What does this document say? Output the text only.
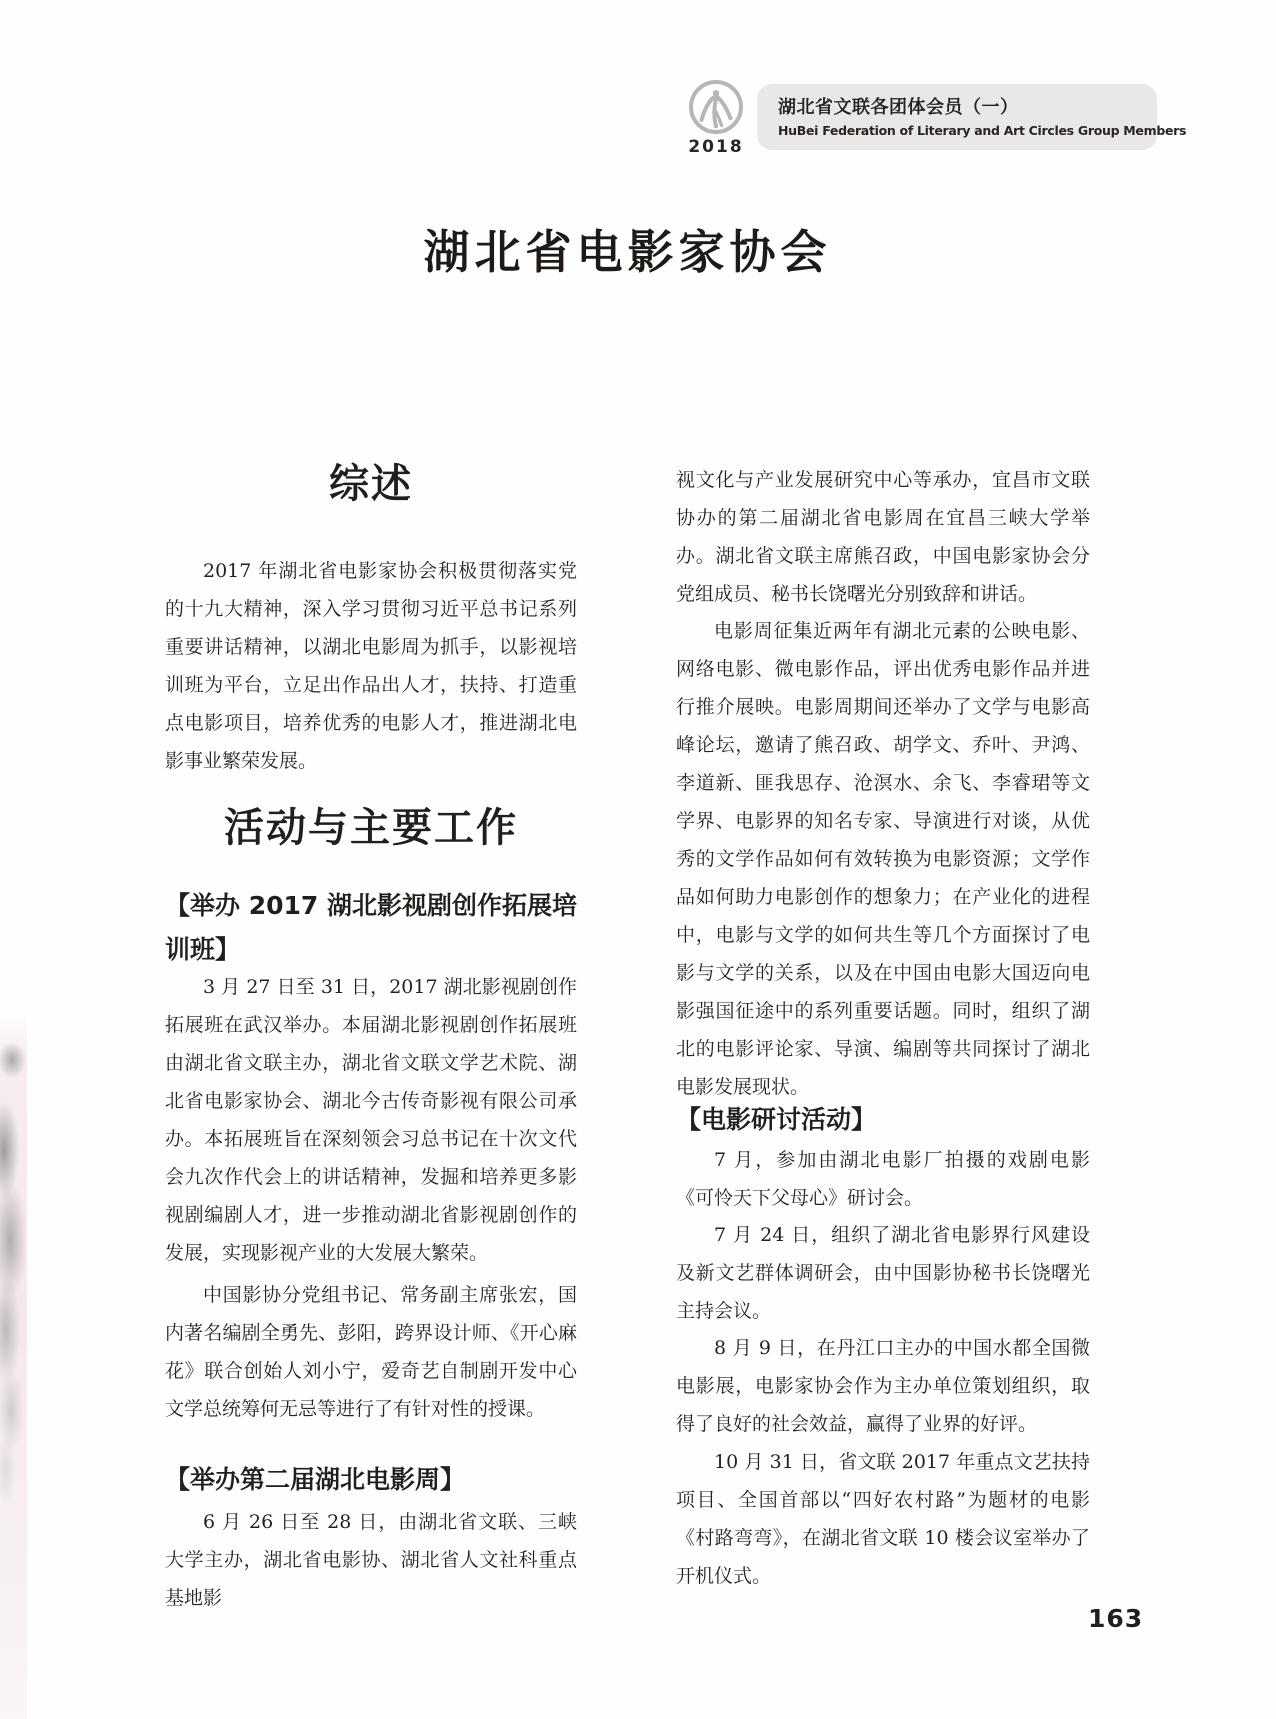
2018
湖北省文联各团体会员（一）
HuBei Federation of Literary and Art Circles Group Members
湖北省电影家协会
综述

2017 年湖北省电影家协会积极贯彻落实党的十九大精神，深入学习贯彻习近平总书记系列重要讲话精神，以湖北电影周为抓手，以影视培训班为平台，立足出作品出人才，扶持、打造重点电影项目，培养优秀的电影人才，推进湖北电影事业繁荣发展。

活动与主要工作
【举办 2017 湖北影视剧创作拓展培训班】

3 月 27 日至 31 日，2017 湖北影视剧创作拓展班在武汉举办。本届湖北影视剧创作拓展班由湖北省文联主办，湖北省文联文学艺术院、湖北省电影家协会、湖北今古传奇影视有限公司承办。本拓展班旨在深刻领会习总书记在十次文代会九次作代会上的讲话精神，发掘和培养更多影视剧编剧人才，进一步推动湖北省影视剧创作的发展，实现影视产业的大发展大繁荣。

中国影协分党组书记、常务副主席张宏，国内著名编剧全勇先、彭阳，跨界设计师、《开心麻花》联合创始人刘小宁，爱奇艺自制剧开发中心文学总统筹何无忌等进行了有针对性的授课。

【举办第二届湖北电影周】

6 月 26 日至 28 日，由湖北省文联、三峡大学主办，湖北省电影协、湖北省人文社科重点基地影

视文化与产业发展研究中心等承办，宜昌市文联协办的第二届湖北省电影周在宜昌三峡大学举办。湖北省文联主席熊召政，中国电影家协会分党组成员、秘书长饶曙光分别致辞和讲话。

电影周征集近两年有湖北元素的公映电影、网络电影、微电影作品，评出优秀电影作品并进行推介展映。电影周期间还举办了文学与电影高峰论坛，邀请了熊召政、胡学文、乔叶、尹鸿、李道新、匪我思存、沧溟水、余飞、李睿珺等文学界、电影界的知名专家、导演进行对谈，从优秀的文学作品如何有效转换为电影资源；文学作品如何助力电影创作的想象力；在产业化的进程中，电影与文学的如何共生等几个方面探讨了电影与文学的关系，以及在中国由电影大国迈向电影强国征途中的系列重要话题。同时，组织了湖北的电影评论家、导演、编剧等共同探讨了湖北电影发展现状。

【电影研讨活动】

7 月，参加由湖北电影厂拍摄的戏剧电影《可怜天下父母心》研讨会。

7 月 24 日，组织了湖北省电影界行风建设及新文艺群体调研会，由中国影协秘书长饶曙光主持会议。

8 月 9 日，在丹江口主办的中国水都全国微电影展，电影家协会作为主办单位策划组织，取得了良好的社会效益，赢得了业界的好评。

10 月 31 日，省文联 2017 年重点文艺扶持项目、全国首部以“四好农村路”为题材的电影《村路弯弯》，在湖北省文联 10 楼会议室举办了开机仪式。

163
